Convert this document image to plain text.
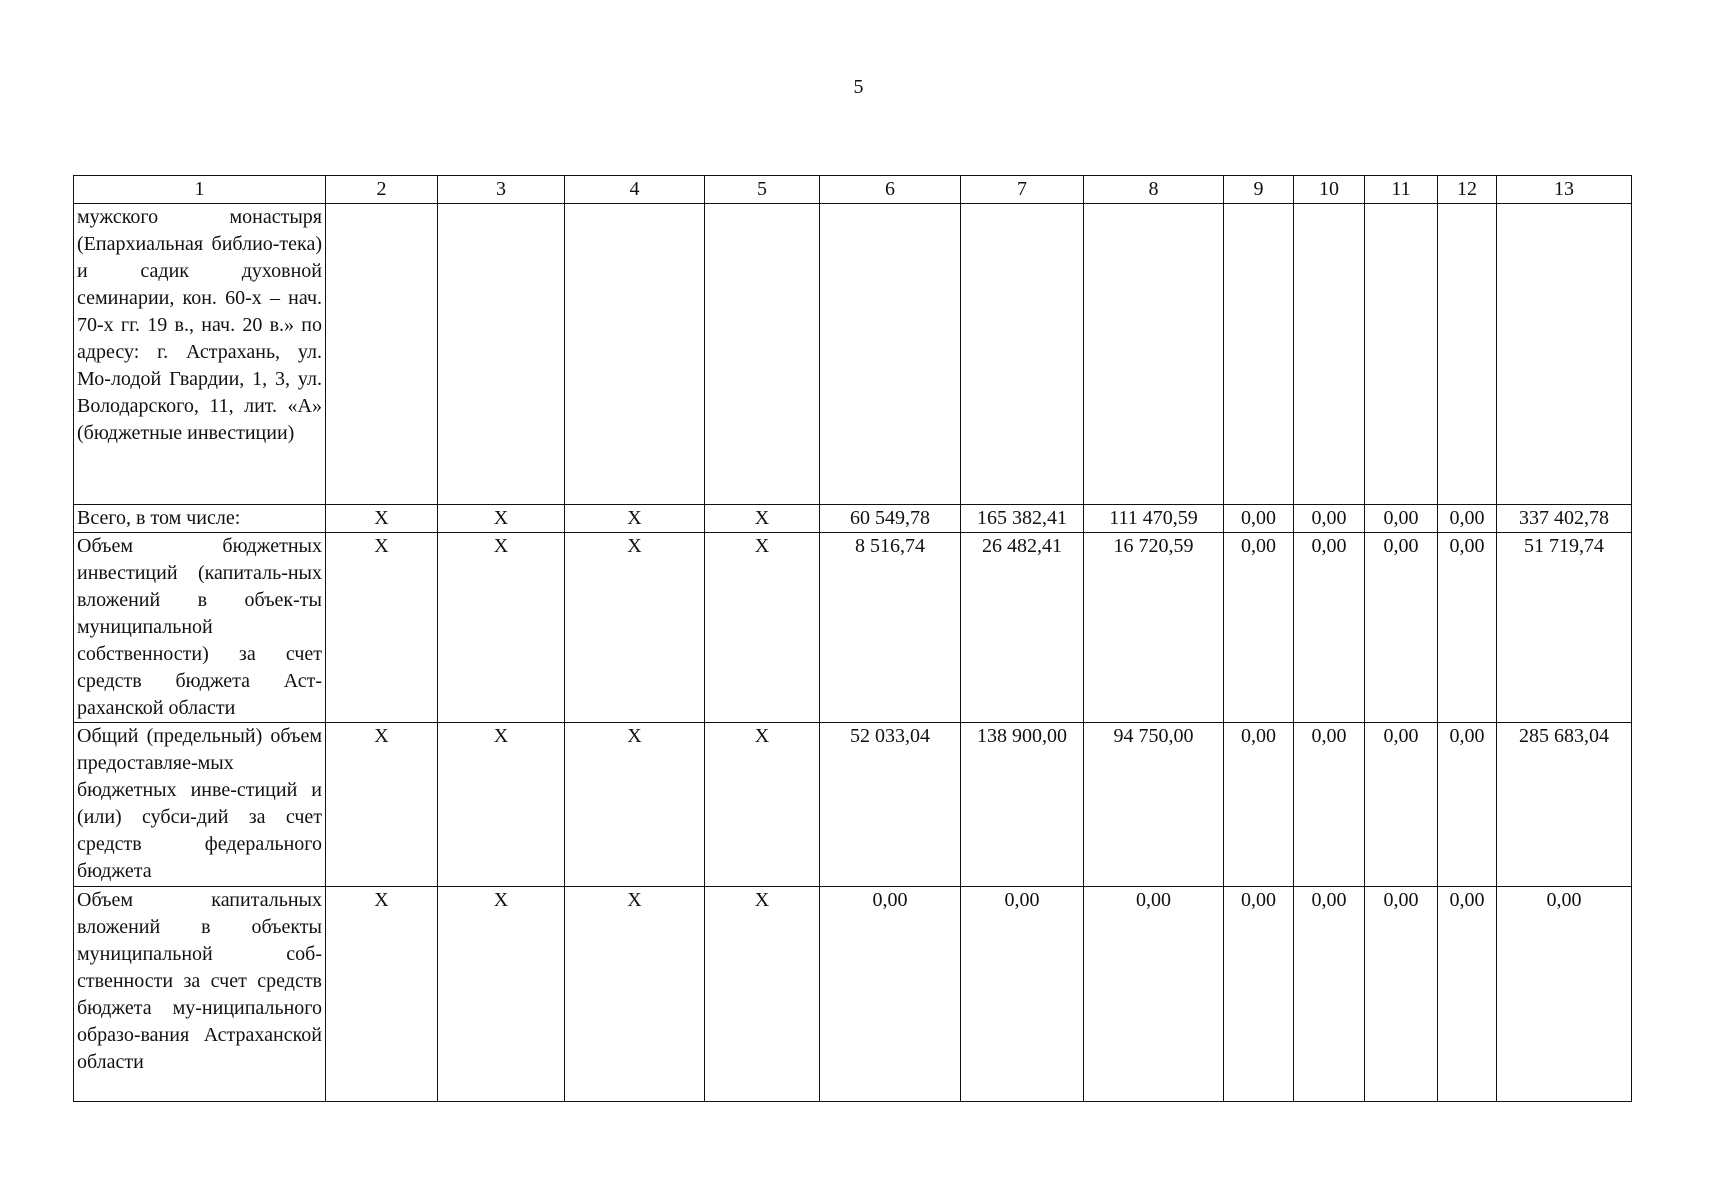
5
1	2	3	4	5	6	7	8	9	10	11	12	13
мужского монастыря (Епархиальная библио-тека) и садик духовной семинарии, кон. 60-х – нач. 70-х гг. 19 в., нач. 20 в.» по адресу: г. Астрахань, ул. Мо-лодой Гвардии, 1, 3, ул. Володарского, 11, лит. «А» (бюджетные инвестиции)												
Всего, в том числе:	Х	Х	Х	Х	60 549,78	165 382,41	111 470,59	0,00	0,00	0,00	0,00	337 402,78
Объем бюджетных инвестиций (капиталь-ных вложений в объек-ты муниципальной собственности) за счет средств бюджета Аст-раханской области	Х	Х	Х	Х	8 516,74	26 482,41	16 720,59	0,00	0,00	0,00	0,00	51 719,74
Общий (предельный) объем предоставляе-мых бюджетных инве-стиций и (или) субси-дий за счет средств федерального бюджета	Х	Х	Х	Х	52 033,04	138 900,00	94 750,00	0,00	0,00	0,00	0,00	285 683,04
Объем капитальных вложений в объекты муниципальной соб-ственности за счет средств бюджета му-ниципального образо-вания Астраханской области	Х	Х	Х	Х	0,00	0,00	0,00	0,00	0,00	0,00	0,00	0,00
